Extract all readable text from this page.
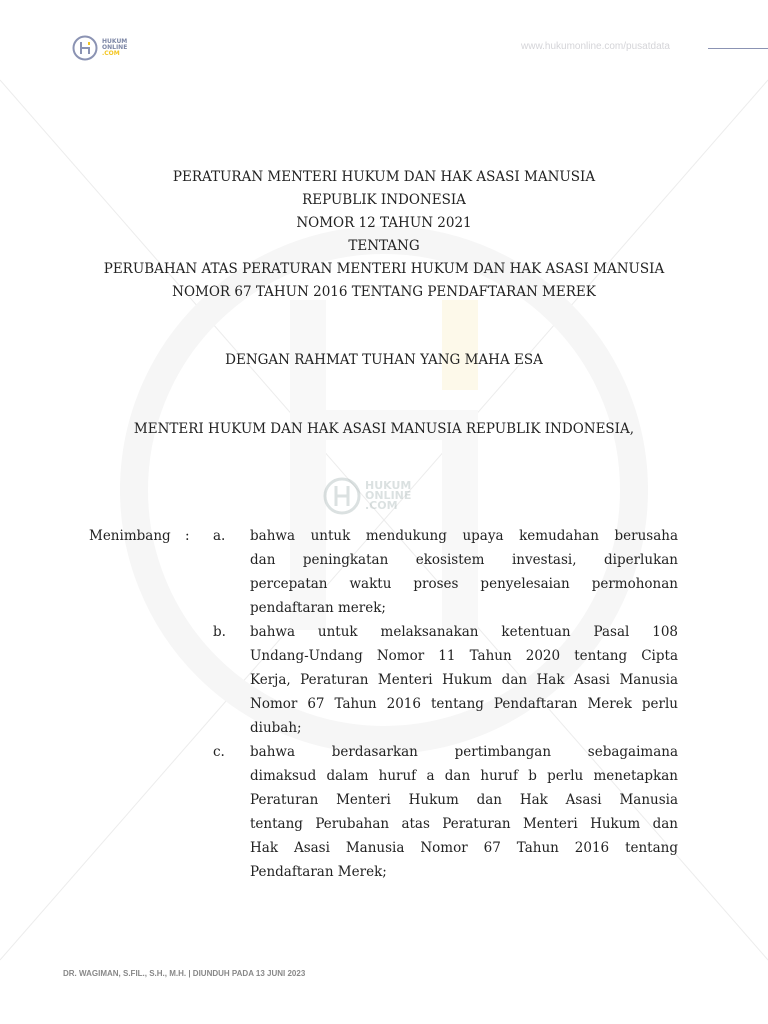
HUKUM
ONLINE
.COM
www.hukumonline.com/pusatdata
PERATURAN MENTERI HUKUM DAN HAK ASASI MANUSIA
REPUBLIK INDONESIA
NOMOR 12 TAHUN 2021
TENTANG
PERUBAHAN ATAS PERATURAN MENTERI HUKUM DAN HAK ASASI MANUSIA
NOMOR 67 TAHUN 2016 TENTANG PENDAFTARAN MEREK
DENGAN RAHMAT TUHAN YANG MAHA ESA
MENTERI HUKUM DAN HAK ASASI MANUSIA REPUBLIK INDONESIA,
HUKUM
ONLINE
.COM
Menimbang : a. bahwa untuk mendukung upaya kemudahan berusaha
dan peningkatan ekosistem investasi, diperlukan
percepatan waktu proses penyelesaian permohonan
pendaftaran merek;
b. bahwa untuk melaksanakan ketentuan Pasal 108
Undang-Undang Nomor 11 Tahun 2020 tentang Cipta
Kerja, Peraturan Menteri Hukum dan Hak Asasi Manusia
Nomor 67 Tahun 2016 tentang Pendaftaran Merek perlu
diubah;
c. bahwa berdasarkan pertimbangan sebagaimana
dimaksud dalam huruf a dan huruf b perlu menetapkan
Peraturan Menteri Hukum dan Hak Asasi Manusia
tentang Perubahan atas Peraturan Menteri Hukum dan
Hak Asasi Manusia Nomor 67 Tahun 2016 tentang
Pendaftaran Merek;
DR. WAGIMAN, S.FIL., S.H., M.H. | DIUNDUH PADA 13 JUNI 2023
